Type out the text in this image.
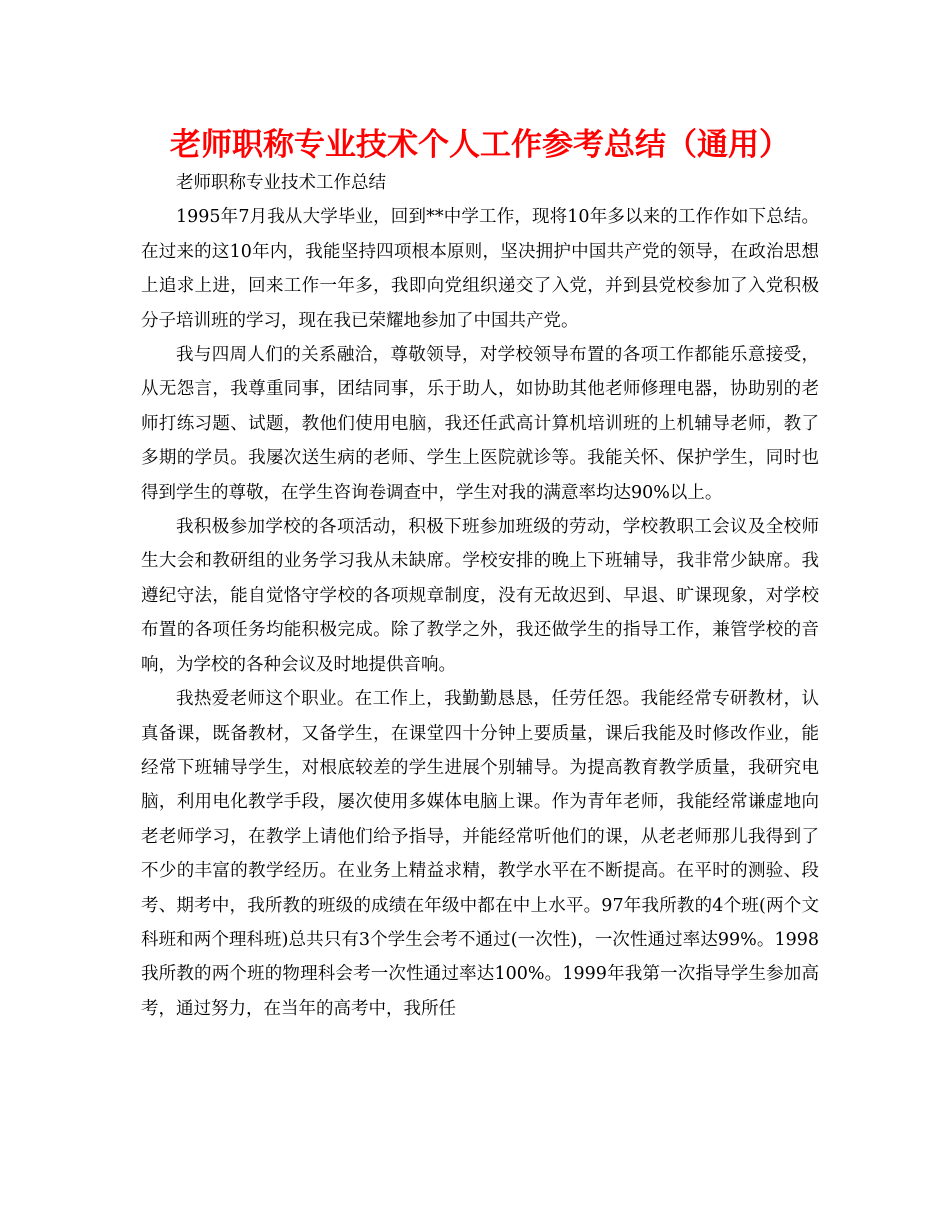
老师职称专业技术个人工作参考总结（通用）

老师职称专业技术工作总结

1995年7月我从大学毕业，回到**中学工作，现将10年多以来的工作作如下总结。在过来的这10年内，我能坚持四项根本原则，坚决拥护中国共产党的领导，在政治思想上追求上进，回来工作一年多，我即向党组织递交了入党，并到县党校参加了入党积极分子培训班的学习，现在我已荣耀地参加了中国共产党。

我与四周人们的关系融洽，尊敬领导，对学校领导布置的各项工作都能乐意接受，从无怨言，我尊重同事，团结同事，乐于助人，如协助其他老师修理电器，协助别的老师打练习题、试题，教他们使用电脑，我还任武高计算机培训班的上机辅导老师，教了多期的学员。我屡次送生病的老师、学生上医院就诊等。我能关怀、保护学生，同时也得到学生的尊敬，在学生咨询卷调查中，学生对我的满意率均达90%以上。

我积极参加学校的各项活动，积极下班参加班级的劳动，学校教职工会议及全校师生大会和教研组的业务学习我从未缺席。学校安排的晚上下班辅导，我非常少缺席。我遵纪守法，能自觉恪守学校的各项规章制度，没有无故迟到、早退、旷课现象，对学校布置的各项任务均能积极完成。除了教学之外，我还做学生的指导工作，兼管学校的音响，为学校的各种会议及时地提供音响。

我热爱老师这个职业。在工作上，我勤勤恳恳，任劳任怨。我能经常专研教材，认真备课，既备教材，又备学生，在课堂四十分钟上要质量，课后我能及时修改作业，能经常下班辅导学生，对根底较差的学生进展个别辅导。为提高教育教学质量，我研究电脑，利用电化教学手段，屡次使用多媒体电脑上课。作为青年老师，我能经常谦虚地向老老师学习，在教学上请他们给予指导，并能经常听他们的课，从老老师那儿我得到了不少的丰富的教学经历。在业务上精益求精，教学水平在不断提高。在平时的测验、段考、期考中，我所教的班级的成绩在年级中都在中上水平。97年我所教的4个班(两个文科班和两个理科班)总共只有3个学生会考不通过(一次性)，一次性通过率达99%。1998我所教的两个班的物理科会考一次性通过率达100%。1999年我第一次指导学生参加高考，通过努力，在当年的高考中，我所任
